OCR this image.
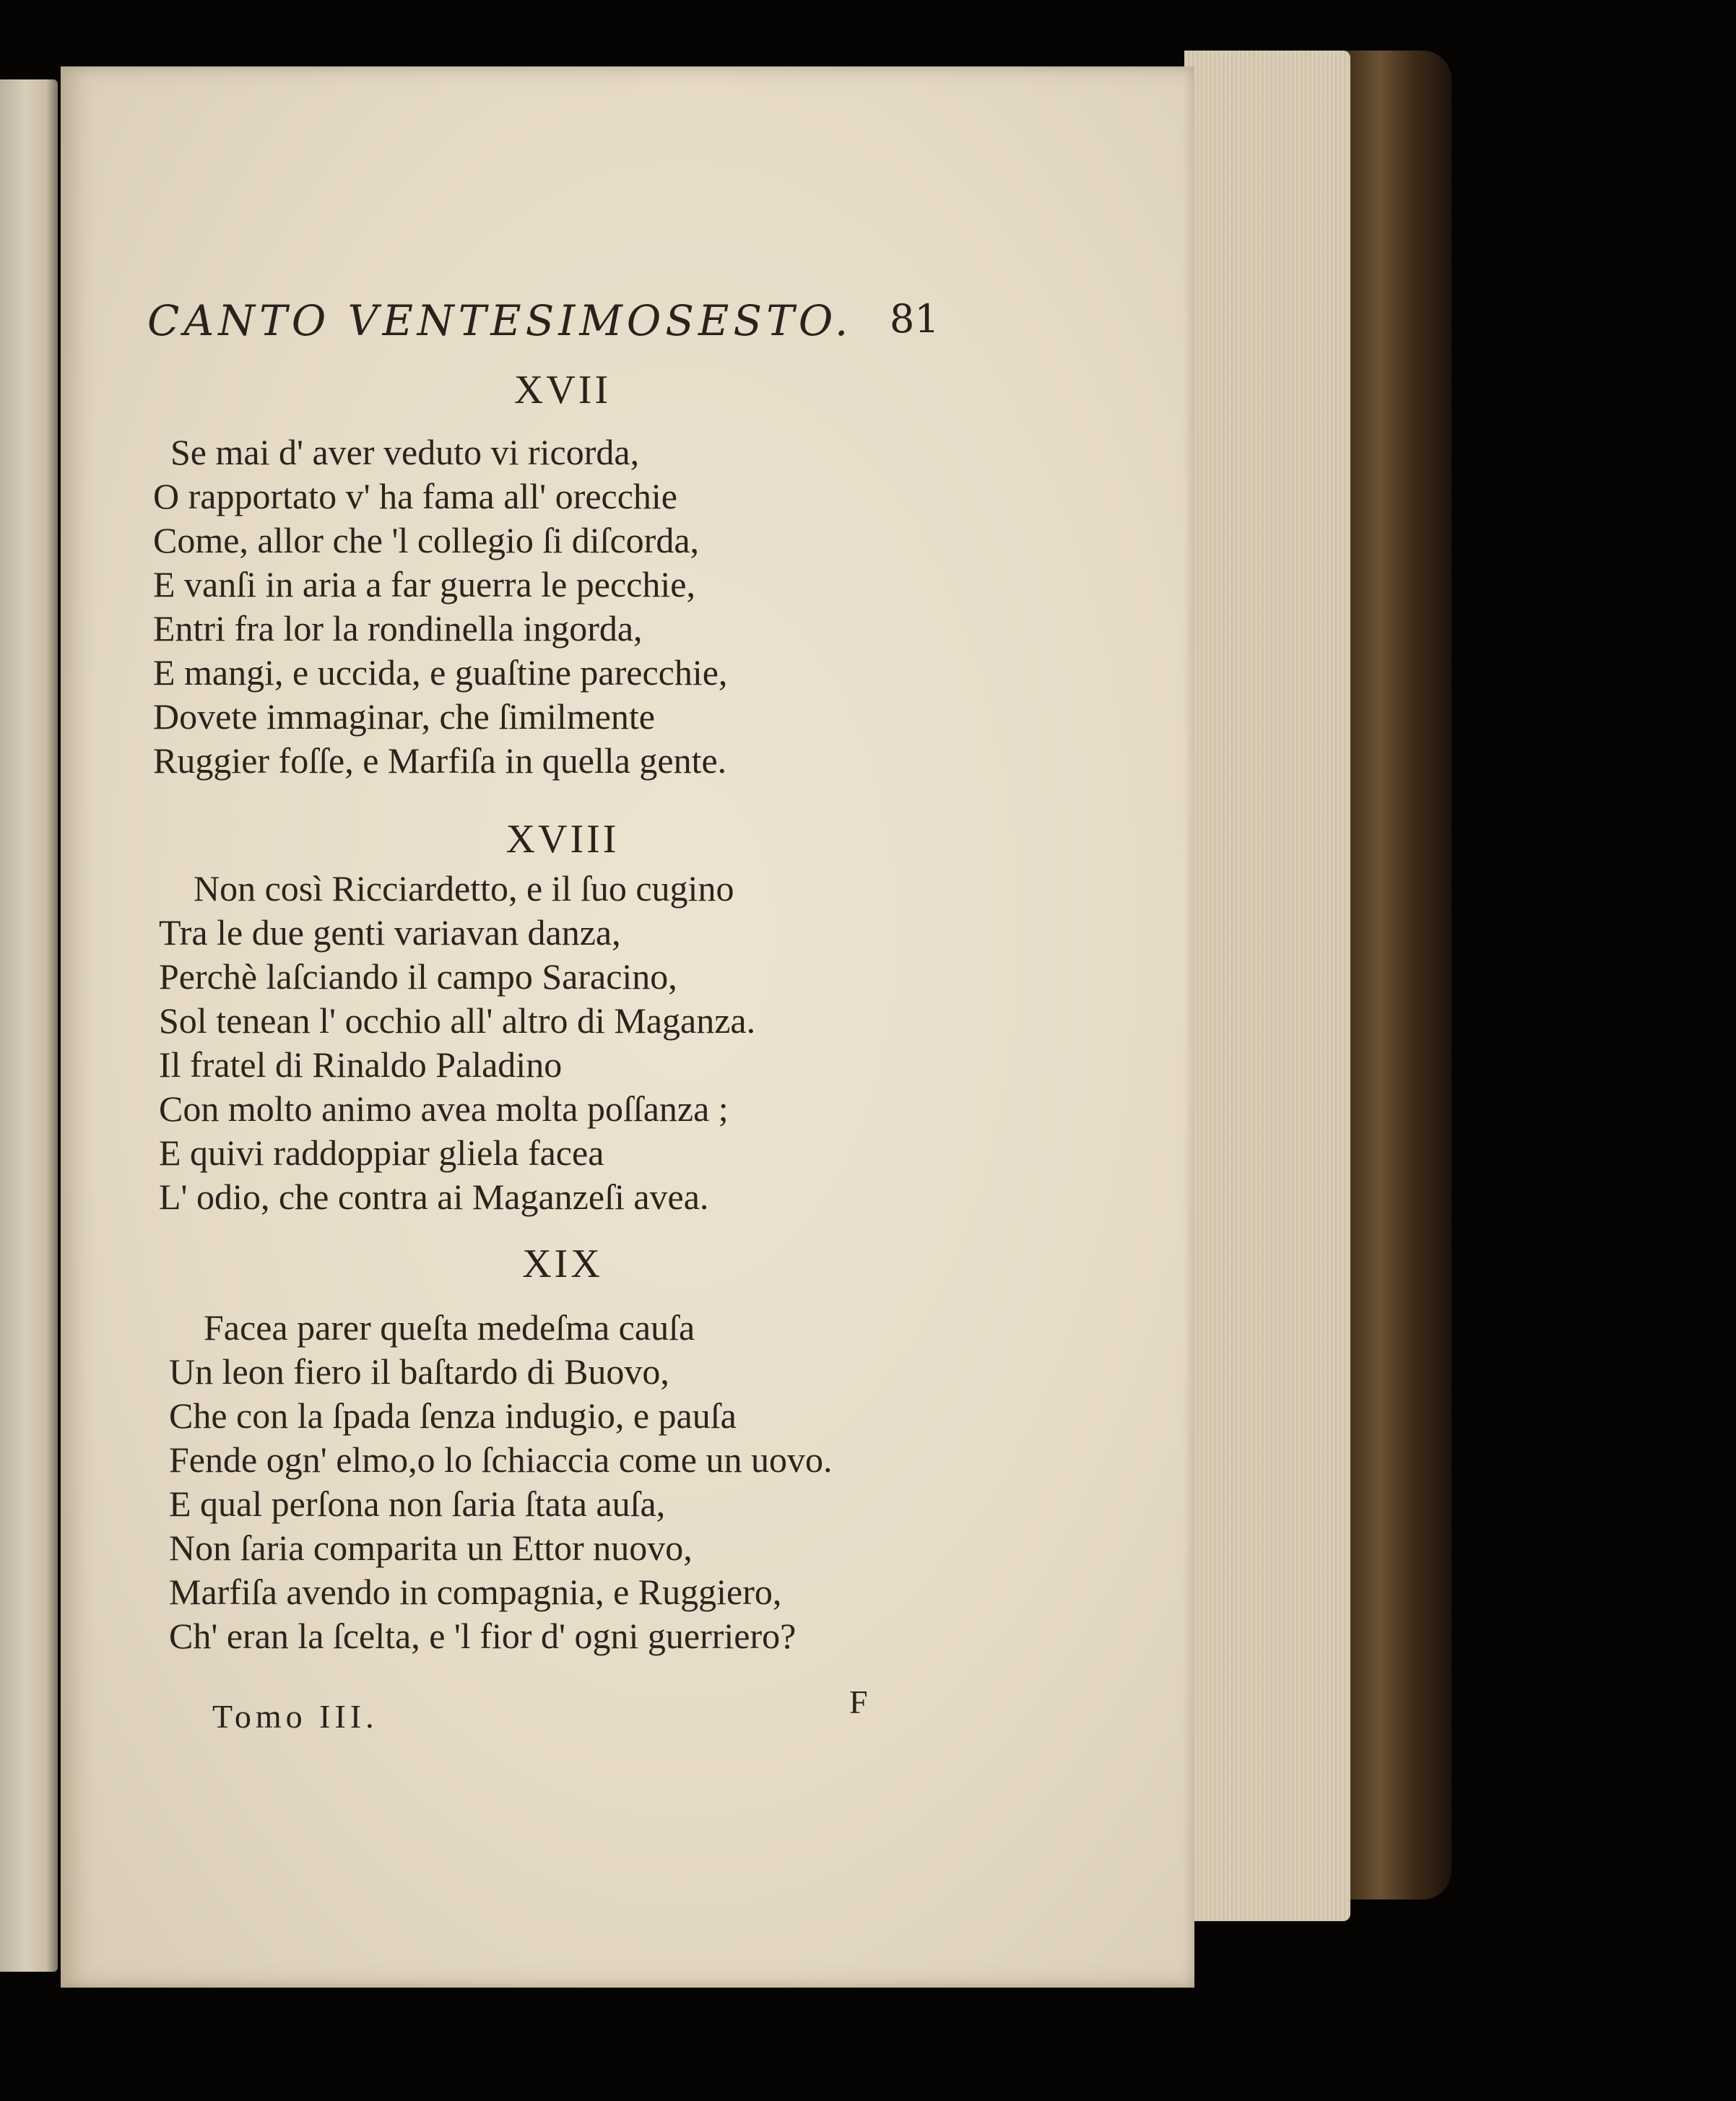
CANTO VENTESIMOSESTO. 81
XVII
Se mai d' aver veduto vi ricorda,
O rapportato v' ha fama all' orecchie
Come, allor che 'l collegio ſi diſcorda,
E vanſi in aria a far guerra le pecchie,
Entri fra lor la rondinella ingorda,
E mangi, e uccida, e guaſtine parecchie,
Dovete immaginar, che ſimilmente
Ruggier foſſe, e Marfiſa in quella gente.
XVIII
Non così Ricciardetto, e il ſuo cugino
Tra le due genti variavan danza,
Perchè laſciando il campo Saracino,
Sol tenean l' occhio all' altro di Maganza.
Il fratel di Rinaldo Paladino
Con molto animo avea molta poſſanza ;
E quivi raddoppiar gliela facea
L' odio, che contra ai Maganzeſi avea.
XIX
Facea parer queſta medeſma cauſa
Un leon fiero il baſtardo di Buovo,
Che con la ſpada ſenza indugio, e pauſa
Fende ogn' elmo,o lo ſchiaccia come un uovo.
E qual perſona non ſaria ſtata auſa,
Non ſaria comparita un Ettor nuovo,
Marfiſa avendo in compagnia, e Ruggiero,
Ch' eran la ſcelta, e 'l fior d' ogni guerriero?
Tomo III.	F
